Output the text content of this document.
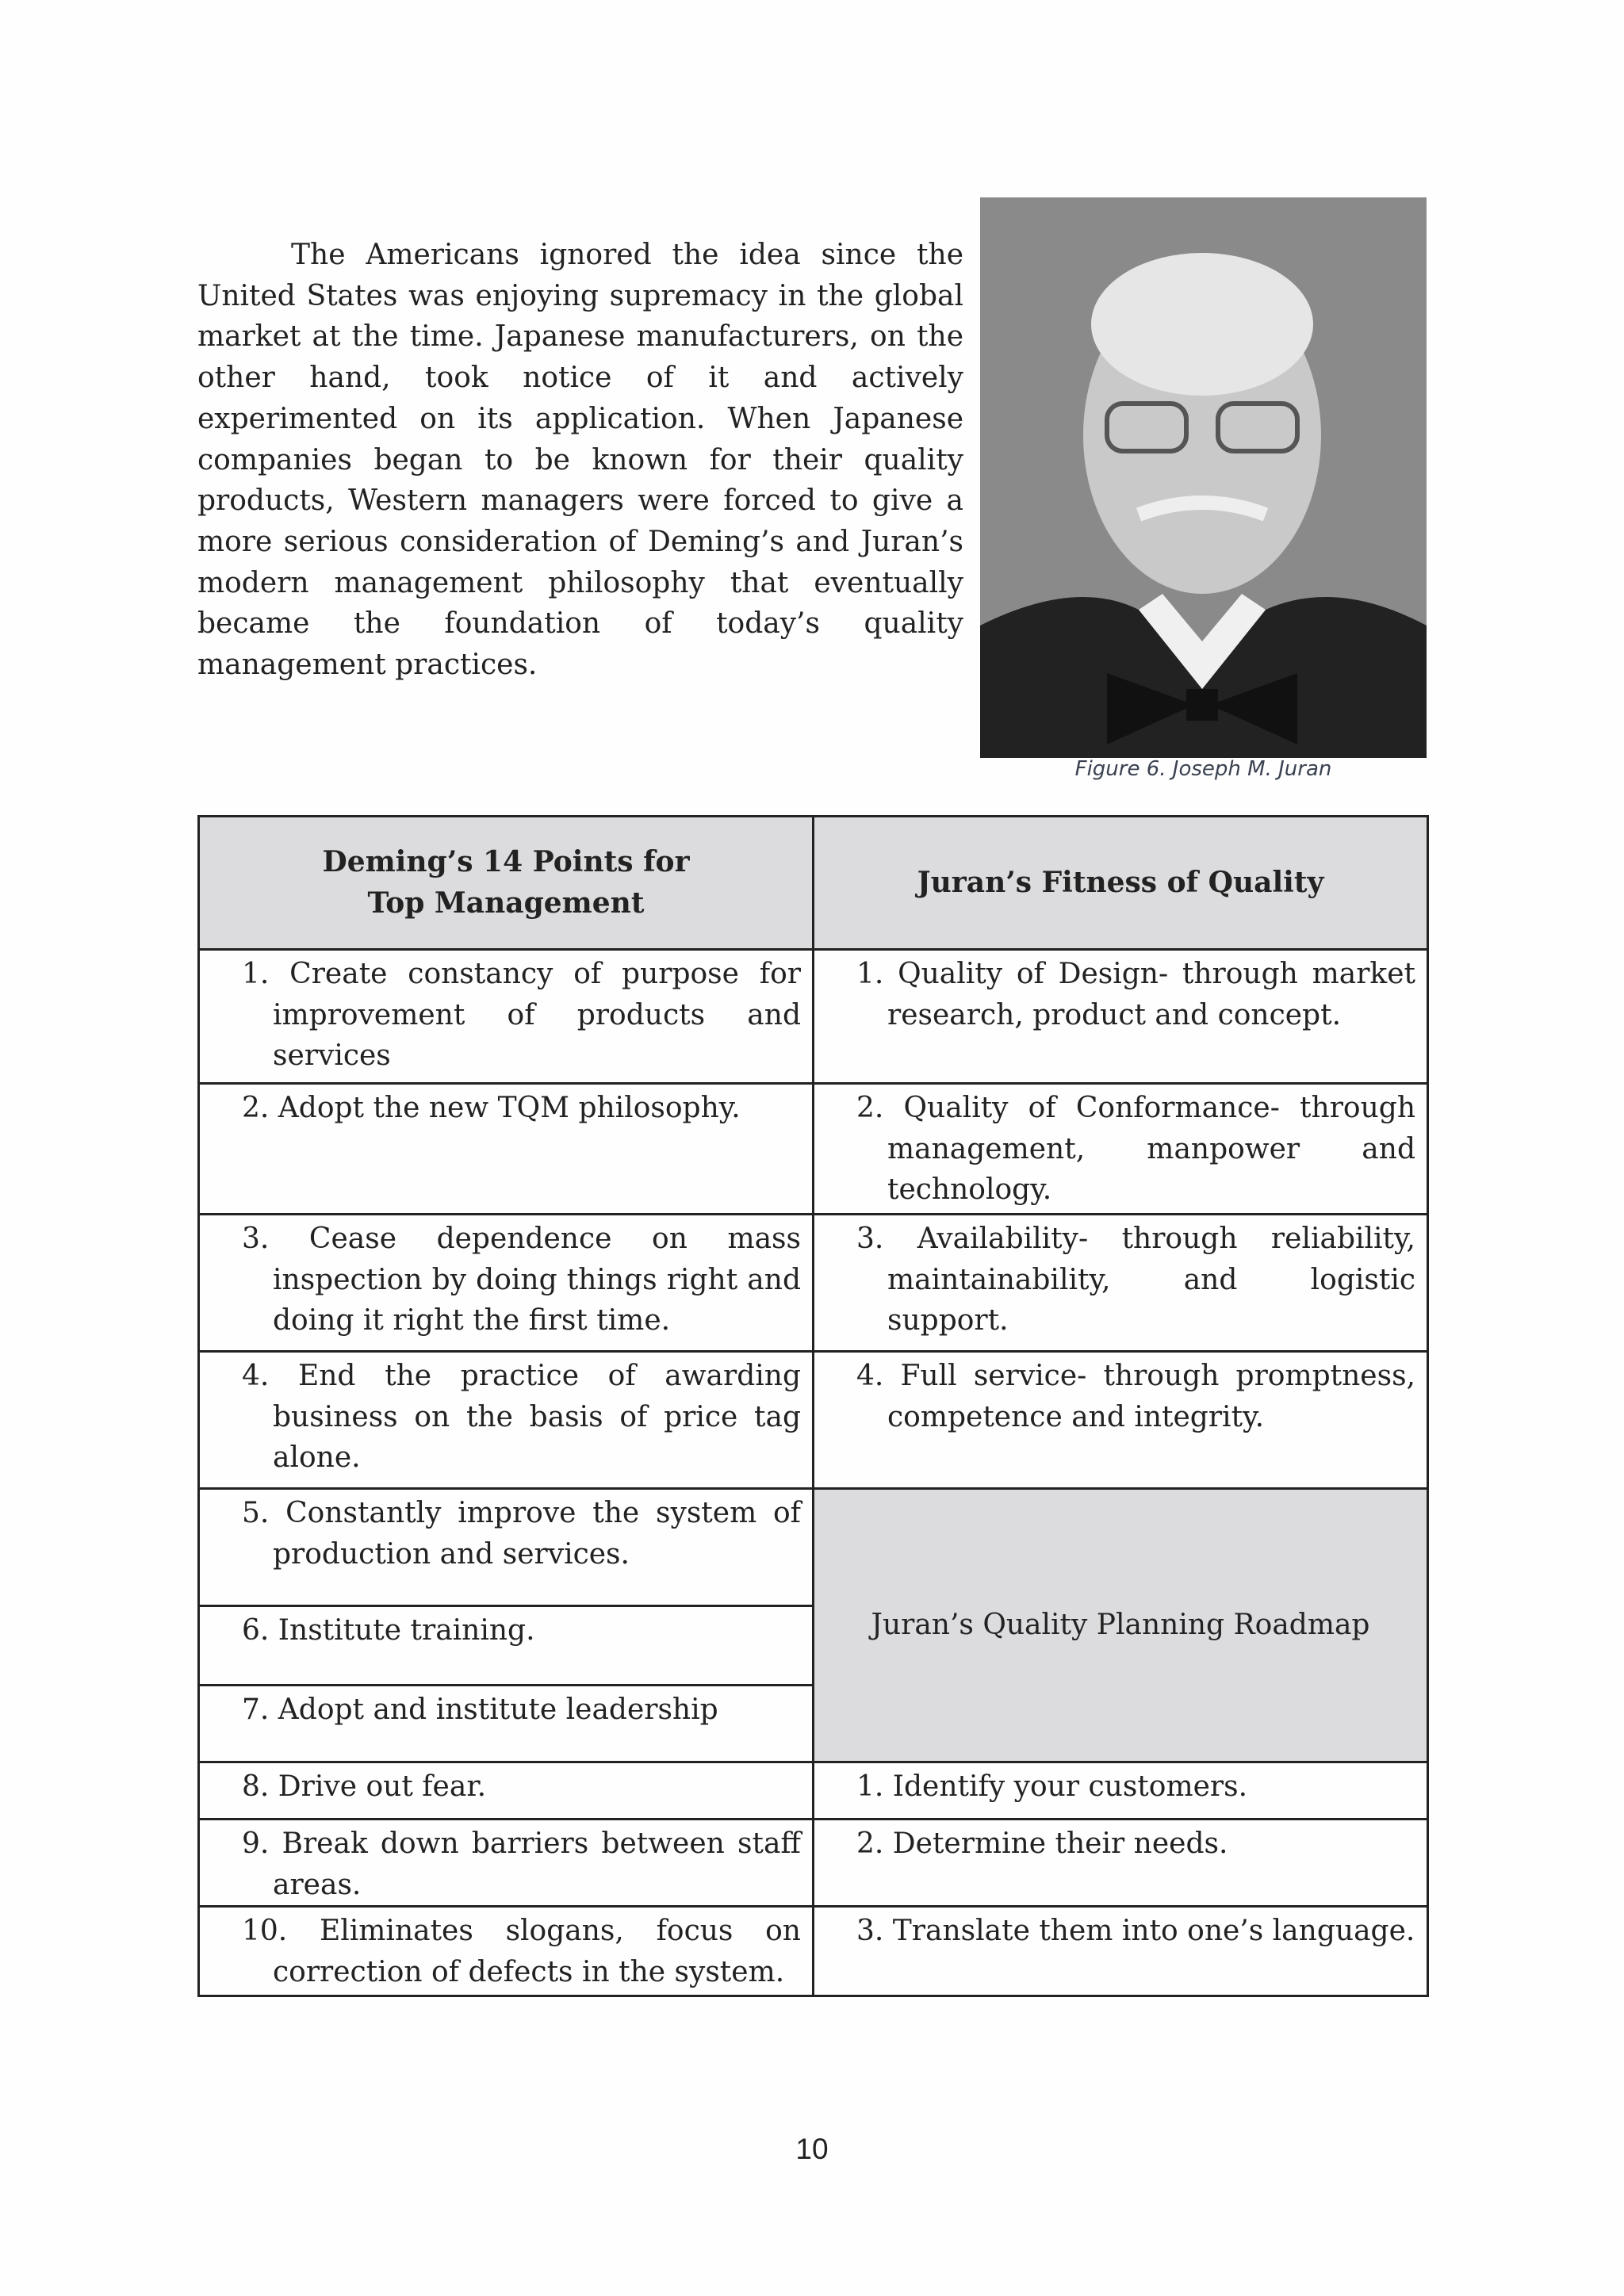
The Americans ignored the idea since the United States was enjoying supremacy in the global market at the time. Japanese manufacturers, on the other hand, took notice of it and actively experimented on its application. When Japanese companies began to be known for their quality products, Western managers were forced to give a more serious consideration of Deming’s and Juran’s modern management philosophy that eventually became the foundation of today’s quality management practices.

Figure 6. Joseph M. Juran
Deming’s 14 Points for Top Management	Juran’s Fitness of Quality

1. Create constancy of purpose for improvement of products and services	1. Quality of Design- through market research, product and concept.

2. Adopt the new TQM philosophy.	2. Quality of Conformance- through management, manpower and technology.

3. Cease dependence on mass inspection by doing things right and doing it right the first time.	3. Availability- through reliability, maintainability, and logistic support.

4. End the practice of awarding business on the basis of price tag alone.	4. Full service- through promptness, competence and integrity.

5. Constantly improve the system of production and services.	Juran’s Quality Planning Roadmap

6. Institute training.	

7. Adopt and institute leadership	

8. Drive out fear.	1. Identify your customers.

9. Break down barriers between staff areas.	2. Determine their needs.

10. Eliminates slogans, focus on correction of defects in the system.	3. Translate them into one’s language.
10
